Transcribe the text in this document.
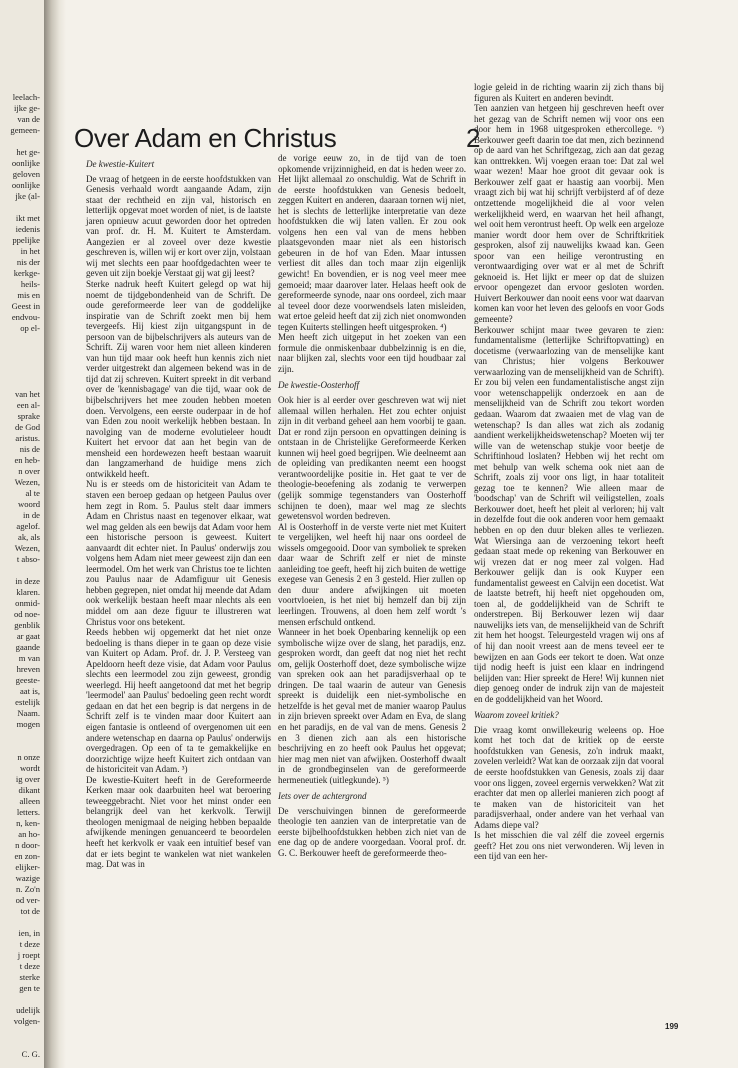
leelach-
ijke ge-
van de
gemeen-
het ge-
oonlijke
geloven
oonlijke
jke (al-
ikt met
iedenis
ppelijke
in het
nis der
kerkge-
heils-
mis en
Geest in
endvou-
op el-
van het
een al-
sprake
de God
aristus.
nis de
en heb-
n over
Wezen,
al te
woord
in de
agelof.
ak, als
Wezen,
t abso-
in deze
klaren.
onmid-
od noe-
genblik
ar gaat
gaande
m van
hreven
geeste-
aat is,
estelijk
Naam.
mogen
n onze
wordt
ig over
dikant
alleen
letters.
n, ken-
an ho-
n door-
en zon-
elijker-
wazige
n. Zo'n
od ver-
tot de
ien, in
t deze
j roept
t deze
sterke
gen te
udelijk
volgen-
C. G.
Over Adam en Christus	2
De kwestie-Kuitert

De vraag of hetgeen in de eerste hoofdstukken van Genesis verhaald wordt aangaande Adam, zijn staat der rechtheid en zijn val, historisch en letterlijk opgevat moet worden of niet, is de laatste jaren opnieuw acuut geworden door het optreden van prof. dr. H. M. Kuitert te Amsterdam. Aangezien er al zoveel over deze kwestie geschreven is, willen wij er kort over zijn, volstaan wij met slechts een paar hoofdgedachten weer te geven uit zijn boekje Verstaat gij wat gij leest?

Sterke nadruk heeft Kuitert gelegd op wat hij noemt de tijdgebondenheid van de Schrift. De oude gereformeerde leer van de goddelijke inspiratie van de Schrift zoekt men bij hem tevergeefs. Hij kiest zijn uitgangspunt in de persoon van de bijbelschrijvers als auteurs van de Schrift. Zij waren voor hem niet alleen kinderen van hun tijd maar ook heeft hun kennis zich niet verder uitgestrekt dan algemeen bekend was in de tijd dat zij schreven. Kuitert spreekt in dit verband over de 'kennisbagage' van die tijd, waar ook de bijbelschrijvers het mee zouden hebben moeten doen. Vervolgens, een eerste ouderpaar in de hof van Eden zou nooit werkelijk hebben bestaan. In navolging van de moderne evolutieleer houdt Kuitert het ervoor dat aan het begin van de mensheid een hordewezen heeft bestaan waaruit dan langzamerhand de huidige mens zich ontwikkeld heeft.

Nu is er steeds om de historiciteit van Adam te staven een beroep gedaan op hetgeen Paulus over hem zegt in Rom. 5. Paulus stelt daar immers Adam en Christus naast en tegenover elkaar, wat wel mag gelden als een bewijs dat Adam voor hem een historische persoon is geweest. Kuitert aanvaardt dit echter niet. In Paulus' onderwijs zou volgens hem Adam niet meer geweest zijn dan een leermodel. Om het werk van Christus toe te lichten zou Paulus naar de Adamfiguur uit Genesis hebben gegrepen, niet omdat hij meende dat Adam ook werkelijk bestaan heeft maar nlechts als een middel om aan deze figuur te illustreren wat Christus voor ons betekent.

Reeds hebben wij opgemerkt dat het niet onze bedoeling is thans dieper in te gaan op deze visie van Kuitert op Adam. Prof. dr. J. P. Versteeg van Apeldoorn heeft deze visie, dat Adam voor Paulus slechts een leermodel zou zijn geweest, grondig weerlegd. Hij heeft aangetoond dat met het begrip 'leermodel' aan Paulus' bedoeling geen recht wordt gedaan en dat het een begrip is dat nergens in de Schrift zelf is te vinden maar door Kuitert aan eigen fantasie is ontleend of overgenomen uit een andere wetenschap en daarna op Paulus' onderwijs overgedragen. Op een of ta te gemakkelijke en doorzichtige wijze heeft Kuitert zich ontdaan van de historiciteit van Adam. ³)

De kwestie-Kuitert heeft in de Gereformeerde Kerken maar ook daarbuiten heel wat beroering teweeggebracht. Niet voor het minst onder een belangrijk deel van het kerkvolk. Terwijl theologen menigmaal de neiging hebben bepaalde afwijkende meningen genuanceerd te beoordelen heeft het kerkvolk er vaak een intuïtief besef van dat er iets begint te wankelen wat niet wankelen mag. Dat was in

de vorige eeuw zo, in de tijd van de toen opkomende vrijzinnigheid, en dat is heden weer zo. Het lijkt allemaal zo onschuldig. Wat de Schrift in de eerste hoofdstukken van Genesis bedoelt, zeggen Kuitert en anderen, daaraan tornen wij niet, het is slechts de letterlijke interpretatie van deze hoofdstukken die wij laten vallen. Er zou ook volgens hen een val van de mens hebben plaatsgevonden maar niet als een historisch gebeuren in de hof van Eden. Maar intussen verliest dit alles dan toch maar zijn eigenlijk gewicht! En bovendien, er is nog veel meer mee gemoeid; maar daarover later. Helaas heeft ook de gereformeerde synode, naar ons oordeel, zich maar al teveel door deze voorwendsels laten misleiden, wat ertoe geleid heeft dat zij zich niet onomwonden tegen Kuiterts stellingen heeft uitgesproken. ⁴)

Men heeft zich uitgeput in het zoeken van een formule die onmiskenbaar dubbelzinnig is en die, naar blijken zal, slechts voor een tijd houdbaar zal zijn.

De kwestie-Oosterhoff

Ook hier is al eerder over geschreven wat wij niet allemaal willen herhalen. Het zou echter onjuist zijn in dit verband geheel aan hem voorbij te gaan. Dat er rond zijn persoon en opvattingen deining is ontstaan in de Christelijke Gereformeerde Kerken kunnen wij heel goed begrijpen. Wie deelneemt aan de opleiding van predikanten neemt een hoogst verantwoordelijke positie in. Het gaat te ver de theologie-beoefening als zodanig te verwerpen (gelijk sommige tegenstanders van Oosterhoff schijnen te doen), maar wel mag ze slechts gewetensvol worden bedreven.

Al is Oosterhoff in de verste verte niet met Kuitert te vergelijken, wel heeft hij naar ons oordeel de wissels omgegooid. Door van symboliek te spreken daar waar de Schrift zelf er niet de minste aanleiding toe geeft, heeft hij zich buiten de wettige exegese van Genesis 2 en 3 gesteld. Hier zullen op den duur andere afwijkingen uit moeten voortvloeien, is het niet bij hemzelf dan bij zijn leerlingen. Trouwens, al doen hem zelf wordt 's mensen erfschuld ontkend.

Wanneer in het boek Openbaring kennelijk op een symbolische wijze over de slang, het paradijs, enz. gesproken wordt, dan geeft dat nog niet het recht om, gelijk Oosterhoff doet, deze symbolische wijze van spreken ook aan het paradijsverhaal op te dringen. De taal waarin de auteur van Genesis spreekt is duidelijk een niet-symbolische en hetzelfde is het geval met de manier waarop Paulus in zijn brieven spreekt over Adam en Eva, de slang en het paradijs, en de val van de mens. Genesis 2 en 3 dienen zich aan als een historische beschrijving en zo heeft ook Paulus het opgevat; hier mag men niet van afwijken. Oosterhoff dwaalt in de grondbeginselen van de gereformeerde hermeneutiek (uitlegkunde). ⁵)

Iets over de achtergrond

De verschuivingen binnen de gereformeerde theologie ten aanzien van de interpretatie van de eerste bijbelhoofdstukken hebben zich niet van de ene dag op de andere voorgedaan. Vooral prof. dr. G. C. Berkouwer heeft de gereformeerde theo-

logie geleid in de richting waarin zij zich thans bij figuren als Kuitert en anderen bevindt.

Ten aanzien van hetgeen hij geschreven heeft over het gezag van de Schrift nemen wij voor ons een door hem in 1968 uitgesproken ethercollege. ⁶) Berkouwer geeft daarin toe dat men, zich bezinnend op de aard van het Schriftgezag, zich aan dat gezag kan onttrekken. Wij voegen eraan toe: Dat zal wel waar wezen! Maar hoe groot dit gevaar ook is Berkouwer zelf gaat er haastig aan voorbij. Men vraagt zich bij wat hij schrijft verbijsterd af of deze ontzettende mogelijkheid die al voor velen werkelijkheid werd, en waarvan het heil afhangt, wel ooit hem verontrust heeft. Op welk een argeloze manier wordt door hem over de Schriftkritiek gesproken, alsof zij nauwelijks kwaad kan. Geen spoor van een heilige verontrusting en verontwaardiging over wat er al met de Schrift geknoeid is. Het lijkt er meer op dat de sluizen ervoor opengezet dan ervoor gesloten worden. Huivert Berkouwer dan nooit eens voor wat daarvan komen kan voor het leven des geloofs en voor Gods gemeente?

Berkouwer schijnt maar twee gevaren te zien: fundamentalisme (letterlijke Schriftopvatting) en docetisme (verwaarlozing van de menselijke kant van Christus; hier volgens Berkouwer verwaarlozing van de menselijkheid van de Schrift). Er zou bij velen een fundamentalistische angst zijn voor wetenschappelijk onderzoek en aan de menselijkheid van de Schrift zou tekort worden gedaan. Waarom dat zwaaien met de vlag van de wetenschap? Is dan alles wat zich als zodanig aandient werkelijkheidswetenschap? Moeten wij ter wille van de wetenschap stukje voor beetje de Schriftinhoud loslaten? Hebben wij het recht om met behulp van welk schema ook niet aan de Schrift, zoals zij voor ons ligt, in haar totaliteit gezag toe te kennen? Wie alleen maar de 'boodschap' van de Schrift wil veiligstellen, zoals Berkouwer doet, heeft het pleit al verloren; hij valt in dezelfde fout die ook anderen voor hem gemaakt hebben en op den duur bleken alles te verliezen. Wat Wiersinga aan de verzoening tekort heeft gedaan staat mede op rekening van Berkouwer en wij vrezen dat er nog meer zal volgen. Had Berkouwer gelijk dan is ook Kuyper een fundamentalist geweest en Calvijn een docetist. Wat de laatste betreft, hij heeft niet opgehouden om, toen al, de goddelijkheid van de Schrift te onderstrepen. Bij Berkouwer lezen wij daar nauwelijks iets van, de menselijkheid van de Schrift zit hem het hoogst. Teleurgesteld vragen wij ons af of hij dan nooit vreest aan de mens teveel eer te bewijzen en aan Gods eer tekort te doen. Wat onze tijd nodig heeft is juist een klaar en indringend belijden van: Hier spreekt de Here! Wij kunnen niet diep genoeg onder de indruk zijn van de majesteit en de goddelijkheid van het Woord.

Waarom zoveel kritiek?

Die vraag komt onwillekeurig weleens op. Hoe komt het toch dat de kritiek op de eerste hoofdstukken van Genesis, zo'n indruk maakt, zovelen verleidt? Wat kan de oorzaak zijn dat vooral de eerste hoofdstukken van Genesis, zoals zij daar voor ons liggen, zoveel ergernis verwekken? Wat zit erachter dat men op allerlei manieren zich poogt af te maken van de historiciteit van het paradijsverhaal, onder andere van het verhaal van Adams diepe val?

Is het misschien die val zélf die zoveel ergernis geeft? Het zou ons niet verwonderen. Wij leven in een tijd van een her-

199
